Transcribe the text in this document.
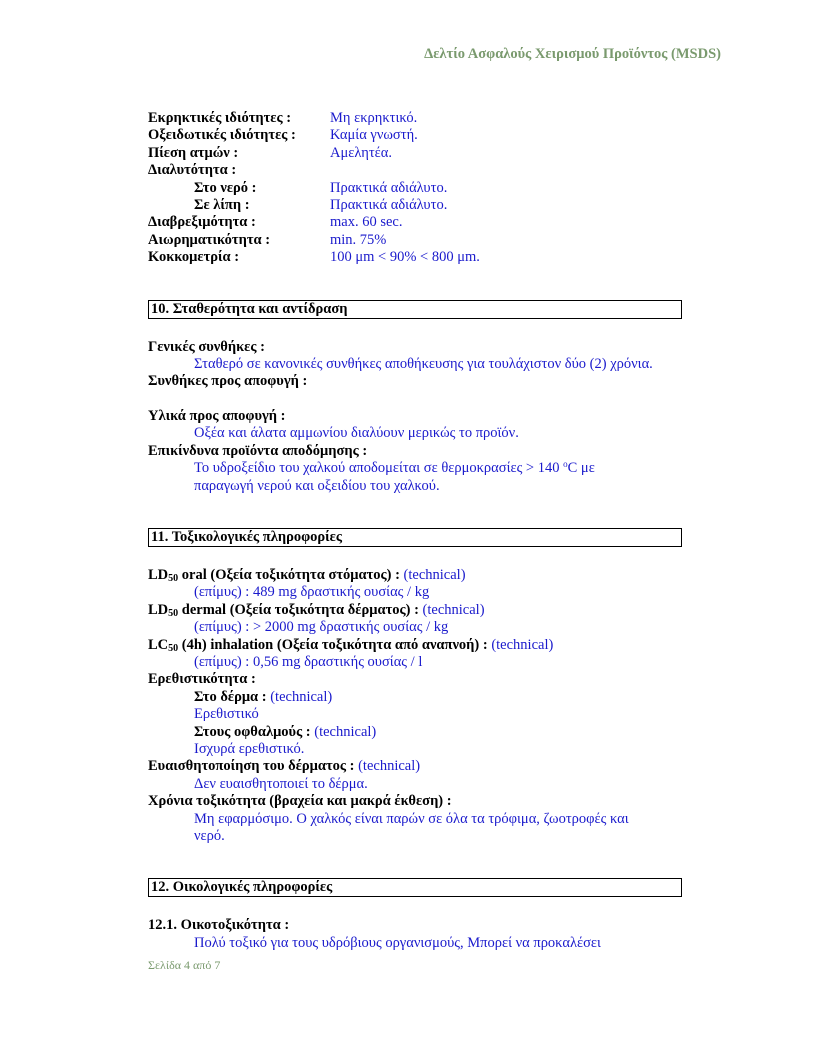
Δελτίο Ασφαλούς Χειρισμού Προϊόντος (MSDS)
Εκρηκτικές ιδιότητες :	Μη εκρηκτικό.
Οξειδωτικές ιδιότητες : Καμία γνωστή.
Πίεση ατμών :	Αμελητέα.
Διαλυτότητα :
Στο νερό :	Πρακτικά αδιάλυτο.
Σε λίπη :	Πρακτικά αδιάλυτο.
Διαβρεξιμότητα :	max. 60 sec.
Αιωρηματικότητα :	min. 75%
Κοκκομετρία :	100 μm < 90% < 800 μm.
10. Σταθερότητα και αντίδραση
Γενικές συνθήκες :
Σταθερό σε κανονικές συνθήκες αποθήκευσης για τουλάχιστον δύο (2) χρόνια.
Συνθήκες προς αποφυγή :
Υλικά προς αποφυγή :
Οξέα και άλατα αμμωνίου διαλύουν μερικώς το προϊόν.
Επικίνδυνα προϊόντα αποδόμησης :
Το υδροξείδιο του χαλκού αποδομείται σε θερμοκρασίες > 140 $^o$C με
παραγωγή νερού και οξειδίου του χαλκού.
11. Τοξικολογικές πληροφορίες
$LD_{50}$ oral (Οξεία τοξικότητα στόματος) : (technical)
(επίμυς) : 489 mg δραστικής ουσίας / kg
$LD_{50}$ dermal (Οξεία τοξικότητα δέρματος) : (technical)
(επίμυς) : > 2000 mg δραστικής ουσίας / kg
$LC_{50}$ (4h) inhalation (Οξεία τοξικότητα από αναπνοή) : (technical)
(επίμυς) : 0,56 mg δραστικής ουσίας / l
Ερεθιστικότητα :
Στο δέρμα : (technical)
Ερεθιστικό
Στους οφθαλμούς : (technical)
Ισχυρά ερεθιστικό.
Ευαισθητοποίηση του δέρματος : (technical)
Δεν ευαισθητοποιεί το δέρμα.
Χρόνια τοξικότητα (βραχεία και μακρά έκθεση) :
Μη εφαρμόσιμο. Ο χαλκός είναι παρών σε όλα τα τρόφιμα, ζωοτροφές και
νερό.
12. Οικολογικές πληροφορίες
12.1. Οικοτοξικότητα :
Πολύ τοξικό για τους υδρόβιους οργανισμούς, Μπορεί να προκαλέσει
Σελίδα 4 από 7
